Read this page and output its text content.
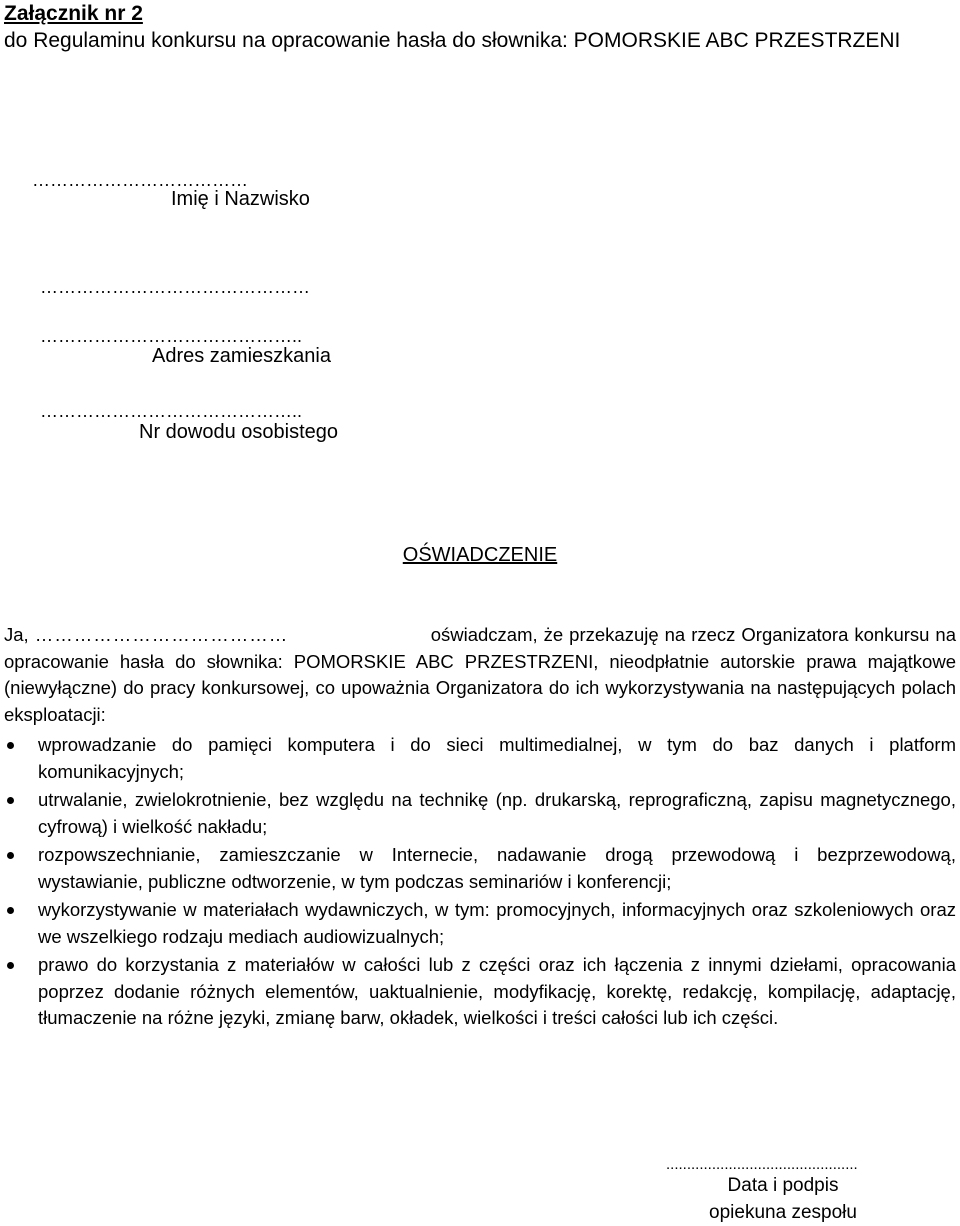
Załącznik nr 2
do Regulaminu konkursu na opracowanie hasła do słownika: POMORSKIE ABC PRZESTRZENI
………………………………
Imię i Nazwisko
………………………………………
……………………………………..
Adres zamieszkania
……………………………………..
Nr dowodu osobistego
OŚWIADCZENIE

Ja, …………………………………	oświadczam, że przekazuję na rzecz Organizatora konkursu na opracowanie hasła do słownika: POMORSKIE ABC PRZESTRZENI, nieodpłatnie autorskie prawa majątkowe (niewyłączne) do pracy konkursowej, co upoważnia Organizatora do ich wykorzystywania na następujących polach eksploatacji:

wprowadzanie do pamięci komputera i do sieci multimedialnej, w tym do baz danych i platform komunikacyjnych;
utrwalanie, zwielokrotnienie, bez względu na technikę (np. drukarską, reprograficzną, zapisu magnetycznego, cyfrową) i wielkość nakładu;
rozpowszechnianie, zamieszczanie w Internecie, nadawanie drogą przewodową i bezprzewodową, wystawianie, publiczne odtworzenie, w tym podczas seminariów i konferencji;
wykorzystywanie w materiałach wydawniczych, w tym: promocyjnych, informacyjnych oraz szkoleniowych oraz we wszelkiego rodzaju mediach audiowizualnych;
prawo do korzystania z materiałów w całości lub z części oraz ich łączenia z innymi dziełami, opracowania poprzez dodanie różnych elementów, uaktualnienie, modyfikację, korektę, redakcję, kompilację, adaptację, tłumaczenie na różne języki, zmianę barw, okładek, wielkości i treści całości lub ich części.
..............................................
Data i podpis
opiekuna zespołu
